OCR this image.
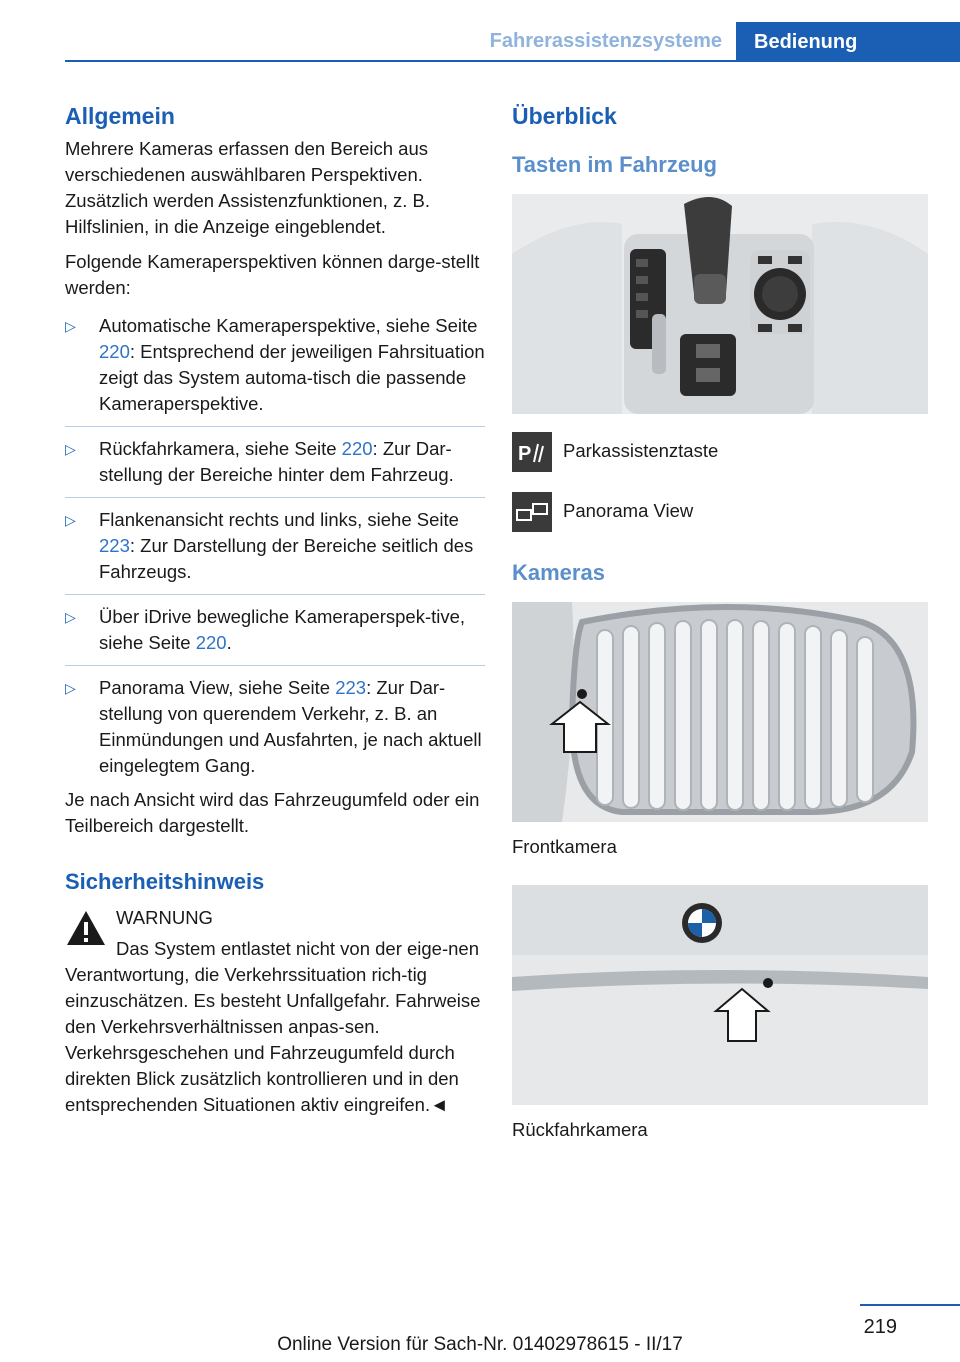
Fahrerassistenzsysteme	Bedienung
Allgemein

Mehrere Kameras erfassen den Bereich aus verschiedenen auswählbaren Perspektiven. Zusätzlich werden Assistenzfunktionen, z. B. Hilfslinien, in die Anzeige eingeblendet.

Folgende Kameraperspektiven können darge-stellt werden:

▷ Automatische Kameraperspektive, siehe Seite 220: Entsprechend der jeweiligen Fahrsituation zeigt das System automa-tisch die passende Kameraperspektive.
▷ Rückfahrkamera, siehe Seite 220: Zur Dar-stellung der Bereiche hinter dem Fahrzeug.
▷ Flankenansicht rechts und links, siehe Seite 223: Zur Darstellung der Bereiche seitlich des Fahrzeugs.
▷ Über iDrive bewegliche Kameraperspek-tive, siehe Seite 220.
▷ Panorama View, siehe Seite 223: Zur Dar-stellung von querendem Verkehr, z. B. an Einmündungen und Ausfahrten, je nach aktuell eingelegtem Gang.

Je nach Ansicht wird das Fahrzeugumfeld oder ein Teilbereich dargestellt.

Sicherheitshinweis

WARNUNG

Das System entlastet nicht von der eige-nen Verantwortung, die Verkehrssituation rich-tig einzuschätzen. Es besteht Unfallgefahr. Fahrweise den Verkehrsverhältnissen anpas-sen. Verkehrsgeschehen und Fahrzeugumfeld durch direkten Blick zusätzlich kontrollieren und in den entsprechenden Situationen aktiv eingreifen.◄

Überblick
Tasten im Fahrzeug
P Parkassistenztaste
Panorama View
Kameras
Frontkamera
Rückfahrkamera
219
Online Version für Sach-Nr. 01402978615 - II/17
